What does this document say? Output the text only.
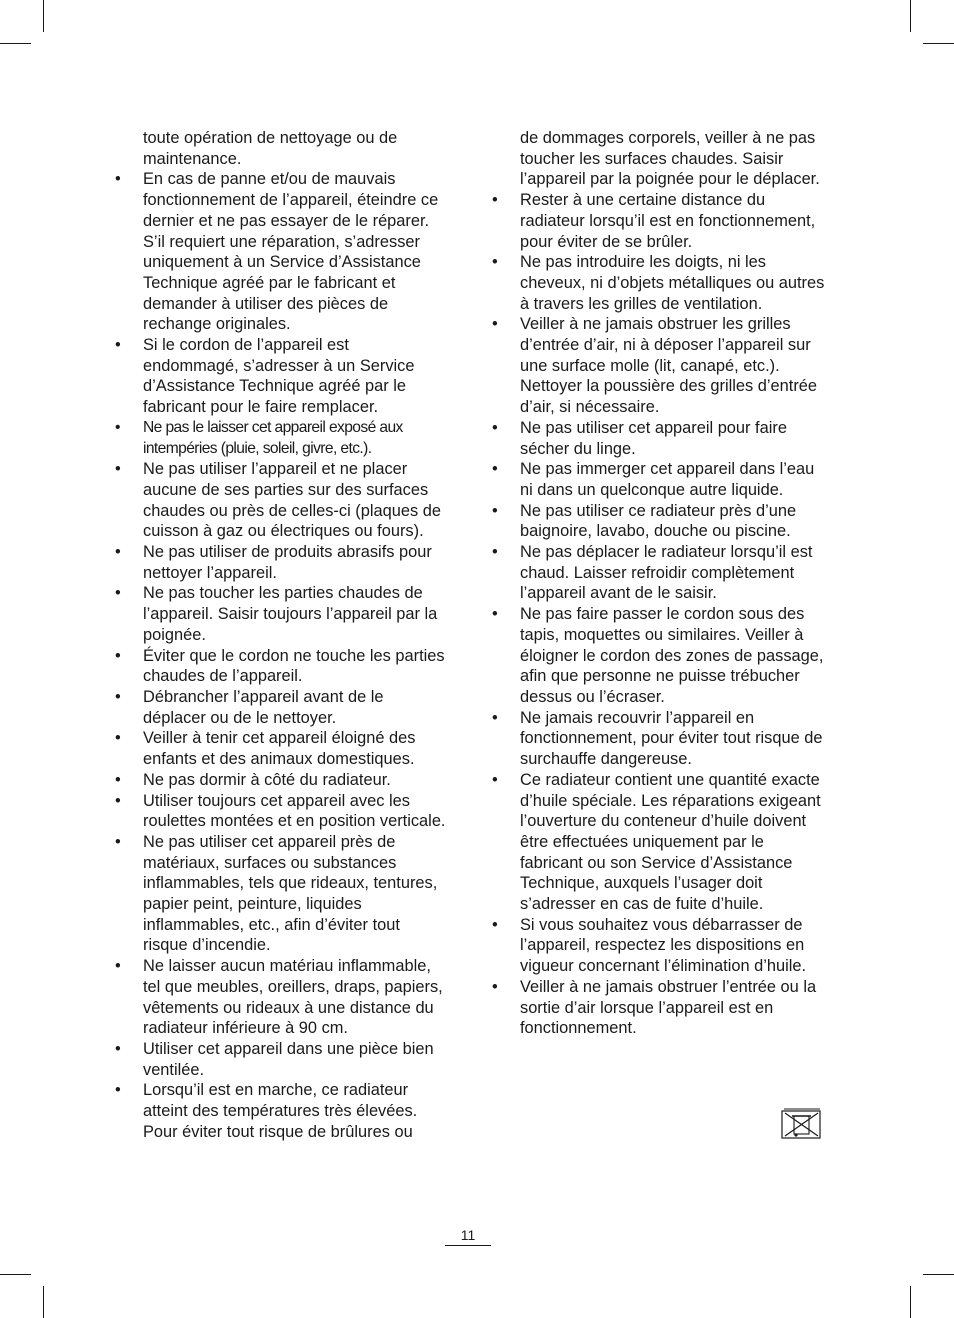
toute opération de nettoyage ou de maintenance.

• En cas de panne et/ou de mauvais fonctionnement de l’appareil, éteindre ce dernier et ne pas essayer de le réparer. S’il requiert une réparation, s’adresser uniquement à un Service d’Assistance Technique agréé par le fabricant et demander à utiliser des pièces de rechange originales.
• Si le cordon de l’appareil est endommagé, s’adresser à un Service d’Assistance Technique agréé par le fabricant pour le faire remplacer.
• Ne pas le laisser cet appareil exposé aux intempéries (pluie, soleil, givre, etc.).
• Ne pas utiliser l’appareil et ne placer aucune de ses parties sur des surfaces chaudes ou près de celles-ci (plaques de cuisson à gaz ou électriques ou fours).
• Ne pas utiliser de produits abrasifs pour nettoyer l’appareil.
• Ne pas toucher les parties chaudes de l’appareil. Saisir toujours l’appareil par la poignée.
• Éviter que le cordon ne touche les parties chaudes de l’appareil.
• Débrancher l’appareil avant de le déplacer ou de le nettoyer.
• Veiller à tenir cet appareil éloigné des enfants et des animaux domestiques.
• Ne pas dormir à côté du radiateur.
• Utiliser toujours cet appareil avec les roulettes montées et en position verticale.
• Ne pas utiliser cet appareil près de matériaux, surfaces ou substances inflammables, tels que rideaux, tentures, papier peint, peinture, liquides inflammables, etc., afin d’éviter tout risque d’incendie.
• Ne laisser aucun matériau inflammable, tel que meubles, oreillers, draps, papiers, vêtements ou rideaux à une distance du radiateur inférieure à 90 cm.
• Utiliser cet appareil dans une pièce bien ventilée.
• Lorsqu’il est en marche, ce radiateur atteint des températures très élevées. Pour éviter tout risque de brûlures ou

de dommages corporels, veiller à ne pas toucher les surfaces chaudes. Saisir l’appareil par la poignée pour le déplacer.

• Rester à une certaine distance du radiateur lorsqu’il est en fonctionnement, pour éviter de se brûler.
• Ne pas introduire les doigts, ni les cheveux, ni d’objets métalliques ou autres à travers les grilles de ventilation.
• Veiller à ne jamais obstruer les grilles d’entrée d’air, ni à déposer l’appareil sur une surface molle (lit, canapé, etc.). Nettoyer la poussière des grilles d’entrée d’air, si nécessaire.
• Ne pas utiliser cet appareil pour faire sécher du linge.
• Ne pas immerger cet appareil dans l’eau ni dans un quelconque autre liquide.
• Ne pas utiliser ce radiateur près d’une baignoire, lavabo, douche ou piscine.
• Ne pas déplacer le radiateur lorsqu’il est chaud. Laisser refroidir complètement l’appareil avant de le saisir.
• Ne pas faire passer le cordon sous des tapis, moquettes ou similaires. Veiller à éloigner le cordon des zones de passage, afin que personne ne puisse trébucher dessus ou l’écraser.
• Ne jamais recouvrir l’appareil en fonctionnement, pour éviter tout risque de surchauffe dangereuse.
• Ce radiateur contient une quantité exacte d’huile spéciale. Les réparations exigeant l’ouverture du conteneur d’huile doivent être effectuées uniquement par le fabricant ou son Service d’Assistance Technique, auxquels l’usager doit s’adresser en cas de fuite d’huile.
• Si vous souhaitez vous débarrasser de l’appareil, respectez les dispositions en vigueur concernant l’élimination d’huile.
• Veiller à ne jamais obstruer l’entrée ou la sortie d’air lorsque l’appareil est en fonctionnement.
11
